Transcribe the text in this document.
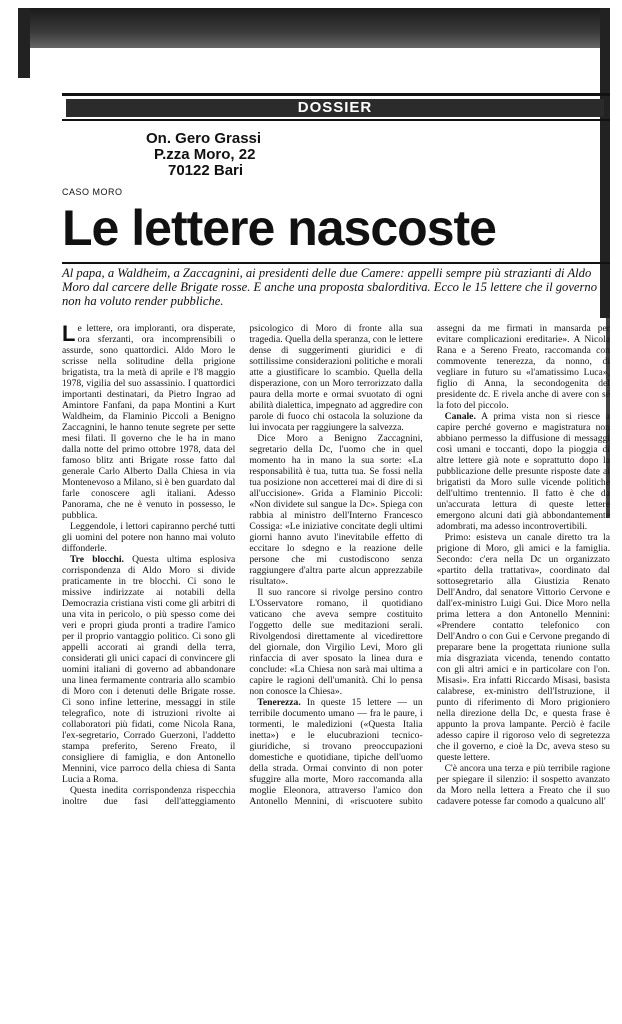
DOSSIER
On. Gero Grassi
P.zza Moro, 22
70122 Bari
CASO MORO
Le lettere nascoste
Al papa, a Waldheim, a Zaccagnini, ai presidenti delle due Camere: appelli sempre più strazianti di Aldo Moro dal carcere delle Brigate rosse. E anche una proposta sbalorditiva. Ecco le 15 lettere che il governo non ha voluto render pubbliche.

Le lettere, ora imploranti, ora disperate, ora sferzanti, ora incomprensibili o assurde, sono quattordici. Aldo Moro le scrisse nella solitudine della prigione brigatista, tra la metà di aprile e l'8 maggio 1978, vigilia del suo assassinio. I quattordici importanti destinatari, da Pietro Ingrao ad Amintore Fanfani, da papa Montini a Kurt Waldheim, da Flaminio Piccoli a Benigno Zaccagnini, le hanno tenute segrete per sette mesi filati. Il governo che le ha in mano dalla notte del primo ottobre 1978, data del famoso blitz anti Brigate rosse fatto dal generale Carlo Alberto Dalla Chiesa in via Montenevoso a Milano, si è ben guardato dal farle conoscere agli italiani. Adesso Panorama, che ne è venuto in possesso, le pubblica.

Leggendole, i lettori capiranno perché tutti gli uomini del potere non hanno mai voluto diffonderle.

Tre blocchi. Questa ultima esplosiva corrispondenza di Aldo Moro si divide praticamente in tre blocchi. Ci sono le missive indirizzate ai notabili della Democrazia cristiana visti come gli arbitri di una vita in pericolo, o più spesso come dei veri e propri giuda pronti a tradire l'amico per il proprio vantaggio politico. Ci sono gli appelli accorati ai grandi della terra, considerati gli unici capaci di convincere gli uomini italiani di governo ad abbandonare una linea fermamente contraria allo scambio di Moro con i detenuti delle Brigate rosse. Ci sono infine letterine, messaggi in stile telegrafico, note di istruzioni rivolte ai collaboratori più fidati, come Nicola Rana, l'ex-segretario, Corrado Guerzoni, l'addetto stampa preferito, Sereno Freato, il consigliere di famiglia, e don Antonello Mennini, vice parroco della chiesa di Santa Lucia a Roma.

Questa inedita corrispondenza rispecchia inoltre due fasi dell'atteggiamento psicologico di Moro di fronte alla sua tragedia. Quella della speranza, con le lettere dense di suggerimenti giuridici e di sottilissime considerazioni politiche e morali atte a giustificare lo scambio. Quella della disperazione, con un Moro terrorizzato dalla paura della morte e ormai svuotato di ogni abilità dialettica, impegnato ad aggredire con parole di fuoco chi ostacola la soluzione da lui invocata per raggiungere la salvezza.

Dice Moro a Benigno Zaccagnini, segretario della Dc, l'uomo che in quel momento ha in mano la sua sorte: «La responsabilità è tua, tutta tua. Se fossi nella tua posizione non accetterei mai di dire di sì all'uccisione». Grida a Flaminio Piccoli: «Non dividete sul sangue la Dc». Spiega con rabbia al ministro dell'Interno Francesco Cossiga: «Le iniziative concitate degli ultimi giorni hanno avuto l'inevitabile effetto di eccitare lo sdegno e la reazione delle persone che mi custodiscono senza raggiungere d'altra parte alcun apprezzabile risultato».

Il suo rancore si rivolge persino contro L'Osservatore romano, il quotidiano vaticano che aveva sempre costituito l'oggetto delle sue meditazioni serali. Rivolgendosi direttamente al vicedirettore del giornale, don Virgilio Levi, Moro gli rinfaccia di aver sposato la linea dura e conclude: «La Chiesa non sarà mai ultima a capire le ragioni dell'umanità. Chi lo pensa non conosce la Chiesa».

Tenerezza. In queste 15 lettere — un terribile documento umano — fra le paure, i tormenti, le maledizioni («Questa Italia inetta») e le elucubrazioni tecnico-giuridiche, si trovano preoccupazioni domestiche e quotidiane, tipiche dell'uomo della strada. Ormai convinto di non poter sfuggire alla morte, Moro raccomanda alla moglie Eleonora, attraverso l'amico don Antonello Mennini, di «riscuotere subito assegni da me firmati in mansarda per evitare complicazioni ereditarie». A Nicola Rana e a Sereno Freato, raccomanda con commovente tenerezza, da nonno, di vegliare in futuro su «l'amatissimo Luca», figlio di Anna, la secondogenita del presidente dc. E rivela anche di avere con sé la foto del piccolo.

Canale. A prima vista non si riesce a capire perché governo e magistratura non abbiano permesso la diffusione di messaggi così umani e toccanti, dopo la pioggia di altre lettere già note e soprattutto dopo la pubblicazione delle presunte risposte date ai brigatisti da Moro sulle vicende politiche dell'ultimo trentennio. Il fatto è che da un'accurata lettura di queste lettere emergono alcuni dati già abbondantemente adombrati, ma adesso incontrovertibili.

Primo: esisteva un canale diretto tra la prigione di Moro, gli amici e la famiglia. Secondo: c'era nella Dc un organizzato «partito della trattativa», coordinato dal sottosegretario alla Giustizia Renato Dell'Andro, dal senatore Vittorio Cervone e dall'ex-ministro Luigi Gui. Dice Moro nella prima lettera a don Antonello Mennini: «Prendere contatto telefonico con Dell'Andro o con Gui e Cervone pregando di preparare bene la progettata riunione sulla mia disgraziata vicenda, tenendo contatto con gli altri amici e in particolare con l'on. Misasi». Era infatti Riccardo Misasi, basista calabrese, ex-ministro dell'Istruzione, il punto di riferimento di Moro prigioniero nella direzione della Dc, e questa frase è appunto la prova lampante. Perciò è facile adesso capire il rigoroso velo di segretezza che il governo, e cioè la Dc, aveva steso su queste lettere.

C'è ancora una terza e più terribile ragione per spiegare il silenzio: il sospetto avanzato da Moro nella lettera a Freato che il suo cadavere potesse far comodo a qualcuno all'
